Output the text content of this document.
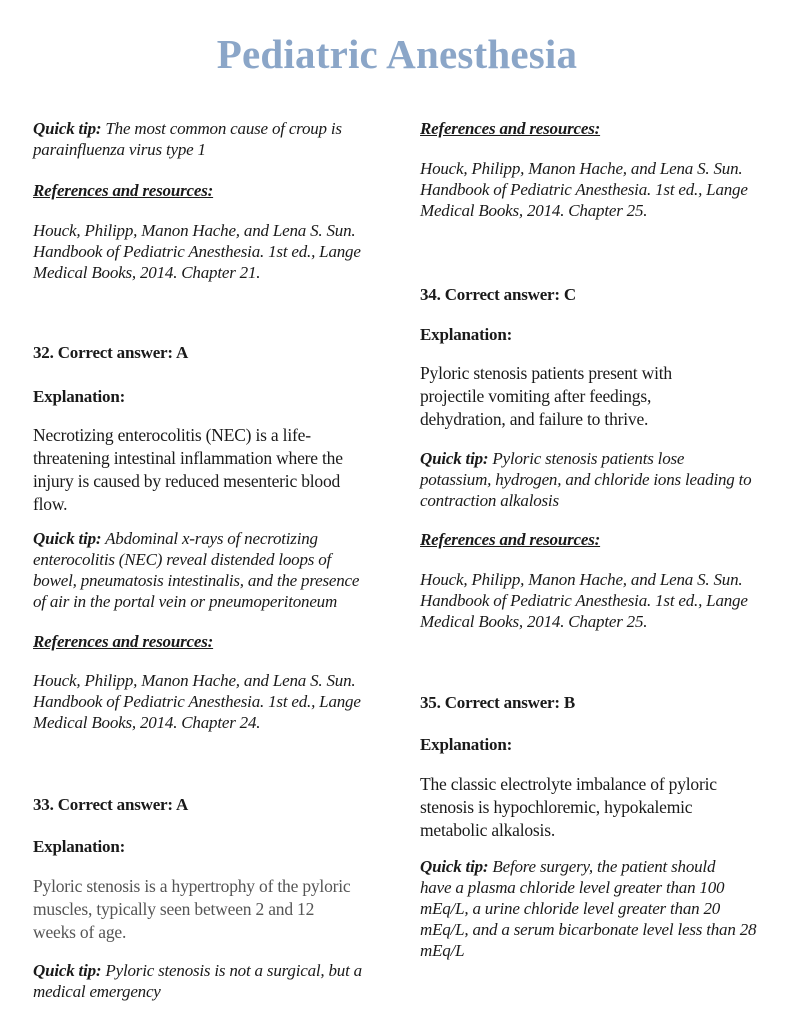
Pediatric Anesthesia
Quick tip: The most common cause of croup is
parainfluenza virus type 1
References and resources:
Houck, Philipp, Manon Hache, and Lena S. Sun.
Handbook of Pediatric Anesthesia. 1st ed., Lange
Medical Books, 2014. Chapter 21.
32. Correct answer: A
Explanation:
Necrotizing enterocolitis (NEC) is a life-
threatening intestinal inflammation where the
injury is caused by reduced mesenteric blood
flow.
Quick tip: Abdominal x-rays of necrotizing
enterocolitis (NEC) reveal distended loops of
bowel, pneumatosis intestinalis, and the presence
of air in the portal vein or pneumoperitoneum
References and resources:
Houck, Philipp, Manon Hache, and Lena S. Sun.
Handbook of Pediatric Anesthesia. 1st ed., Lange
Medical Books, 2014. Chapter 24.
33. Correct answer: A
Explanation:
Pyloric stenosis is a hypertrophy of the pyloric
muscles, typically seen between 2 and 12
weeks of age.
Quick tip: Pyloric stenosis is not a surgical, but a
medical emergency
References and resources:
Houck, Philipp, Manon Hache, and Lena S. Sun.
Handbook of Pediatric Anesthesia. 1st ed., Lange
Medical Books, 2014. Chapter 25.
34. Correct answer: C
Explanation:
Pyloric stenosis patients present with
projectile vomiting after feedings,
dehydration, and failure to thrive.
Quick tip: Pyloric stenosis patients lose
potassium, hydrogen, and chloride ions leading to
contraction alkalosis
References and resources:
Houck, Philipp, Manon Hache, and Lena S. Sun.
Handbook of Pediatric Anesthesia. 1st ed., Lange
Medical Books, 2014. Chapter 25.
35. Correct answer: B
Explanation:
The classic electrolyte imbalance of pyloric
stenosis is hypochloremic, hypokalemic
metabolic alkalosis.
Quick tip: Before surgery, the patient should
have a plasma chloride level greater than 100
mEq/L, a urine chloride level greater than 20
mEq/L, and a serum bicarbonate level less than 28
mEq/L
